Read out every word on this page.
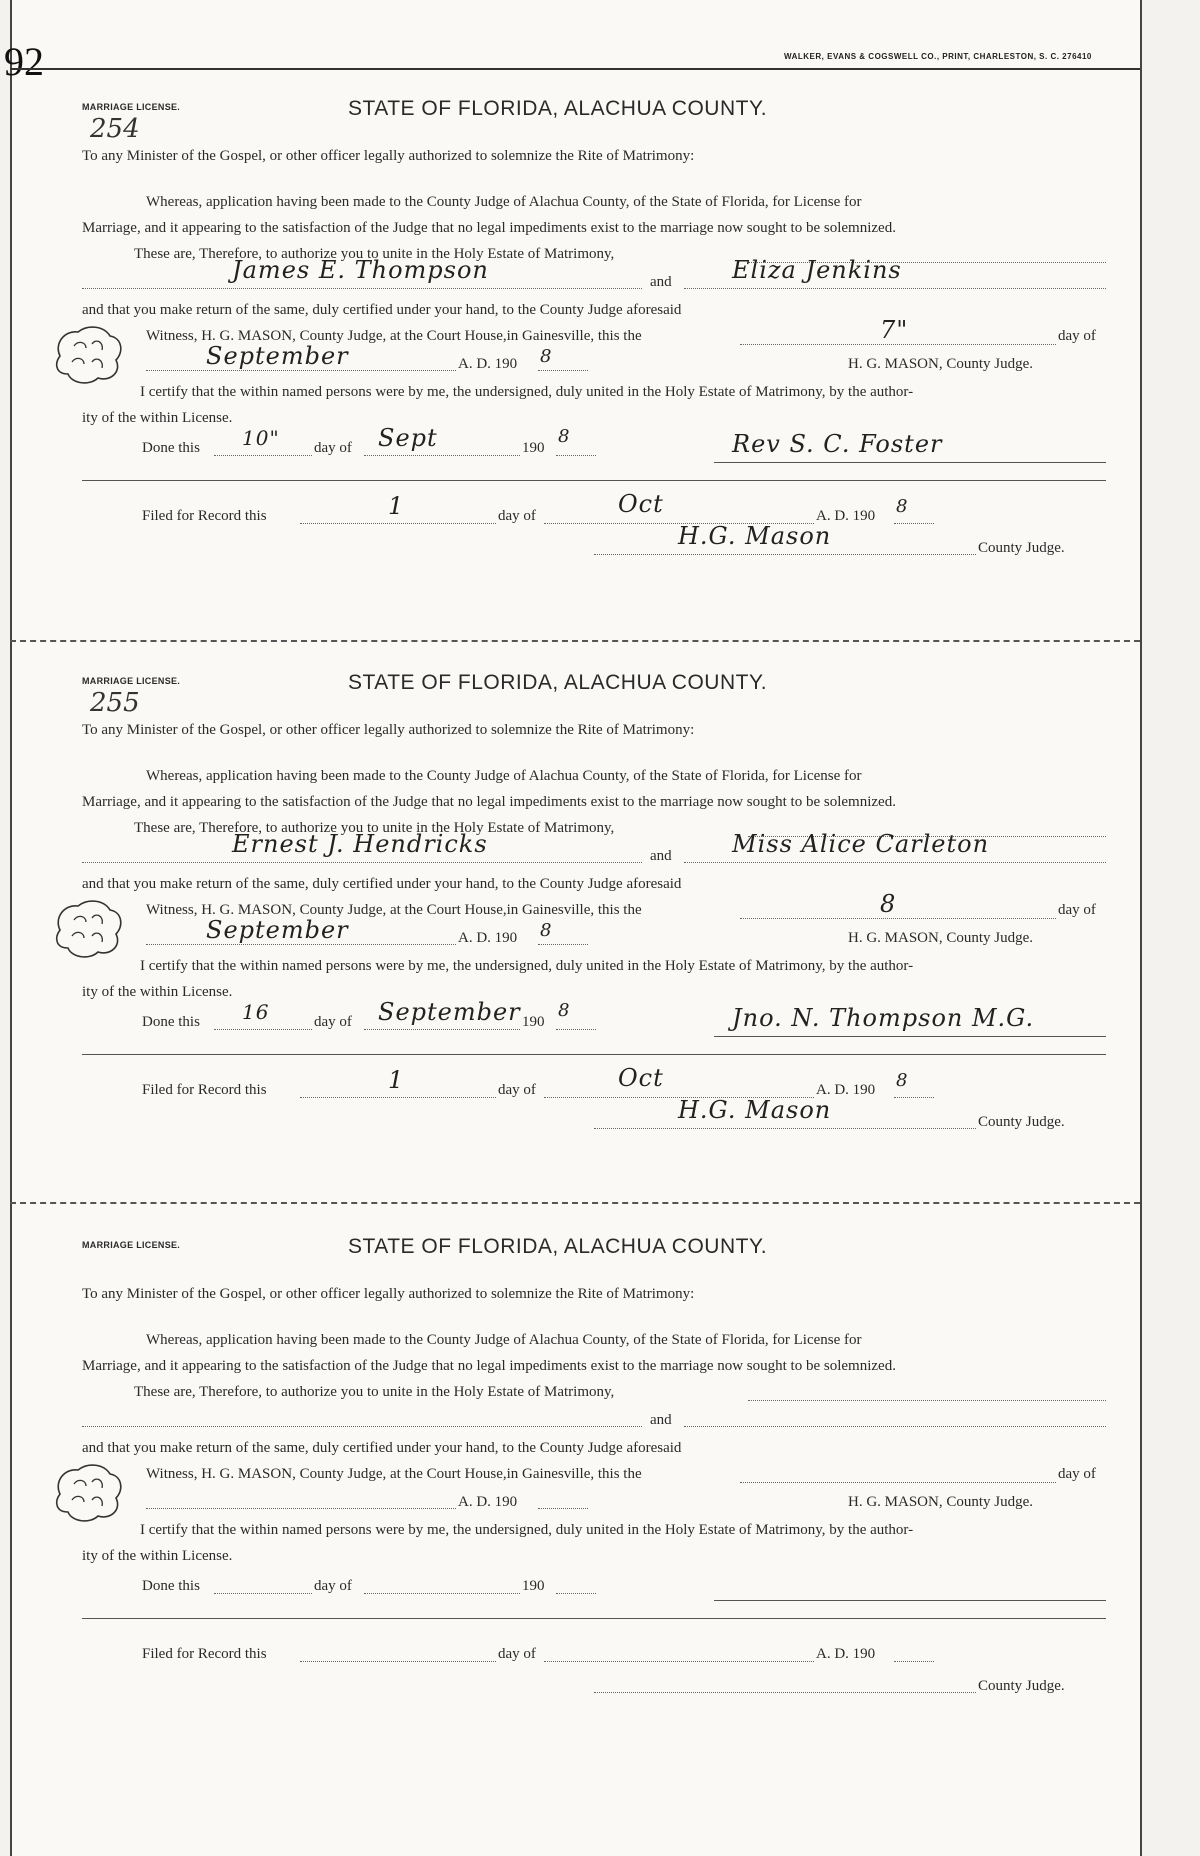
92	WALKER, EVANS & COGSWELL CO., PRINT, CHARLESTON, S. C. 276410
MARRIAGE LICENSE.	STATE OF FLORIDA, ALACHUA COUNTY.
254
To any Minister of the Gospel, or other officer legally authorized to solemnize the Rite of Matrimony:
Whereas, application having been made to the County Judge of Alachua County, of the State of Florida, for License for
Marriage, and it appearing to the satisfaction of the Judge that no legal impediments exist to the marriage now sought to be solemnized.
These are, Therefore, to authorize you to unite in the Holy Estate of Matrimony,
James E. Thompson	and	Eliza Jenkins
and that you make return of the same, duly certified under your hand, to the County Judge aforesaid
Witness, H. G. MASON, County Judge, at the Court House,in Gainesville, this the	7"	day of
September	A. D. 190 8	H. G. MASON, County Judge.
I certify that the within named persons were by me, the undersigned, duly united in the Holy Estate of Matrimony, by the author-
ity of the within License.
Done this 10" day of Sept	190
8	Rev S. C. Foster
Filed for Record this	1	day of	Oct	A. D. 190 8
H.G. Mason	County Judge.
MARRIAGE LICENSE.	STATE OF FLORIDA, ALACHUA COUNTY.
255
To any Minister of the Gospel, or other officer legally authorized to solemnize the Rite of Matrimony:
Whereas, application having been made to the County Judge of Alachua County, of the State of Florida, for License for
Marriage, and it appearing to the satisfaction of the Judge that no legal impediments exist to the marriage now sought to be solemnized.
These are, Therefore, to authorize you to unite in the Holy Estate of Matrimony,
Ernest J. Hendricks	and	Miss Alice Carleton
and that you make return of the same, duly certified under your hand, to the County Judge aforesaid
Witness, H. G. MASON, County Judge, at the Court House,in Gainesville, this the	8	day of
September	A. D. 190 8	H. G. MASON, County Judge.
I certify that the within named persons were by me, the undersigned, duly united in the Holy Estate of Matrimony, by the author-
ity of the within License.
Done this 16	day of September 190
8	Jno. N. Thompson M.G.
Filed for Record this	1	day of	Oct	A. D. 190 8
H.G. Mason	County Judge.
MARRIAGE LICENSE.	STATE OF FLORIDA, ALACHUA COUNTY.
To any Minister of the Gospel, or other officer legally authorized to solemnize the Rite of Matrimony:
Whereas, application having been made to the County Judge of Alachua County, of the State of Florida, for License for
Marriage, and it appearing to the satisfaction of the Judge that no legal impediments exist to the marriage now sought to be solemnized.
These are, Therefore, to authorize you to unite in the Holy Estate of Matrimony,
and
and that you make return of the same, duly certified under your hand, to the County Judge aforesaid
Witness, H. G. MASON, County Judge, at the Court House,in Gainesville, this the	day of
A. D. 190	H. G. MASON, County Judge.
I certify that the within named persons were by me, the undersigned, duly united in the Holy Estate of Matrimony, by the author-
ity of the within License.
Done this	day of	190
Filed for Record this	day of	A. D. 190
County Judge.
